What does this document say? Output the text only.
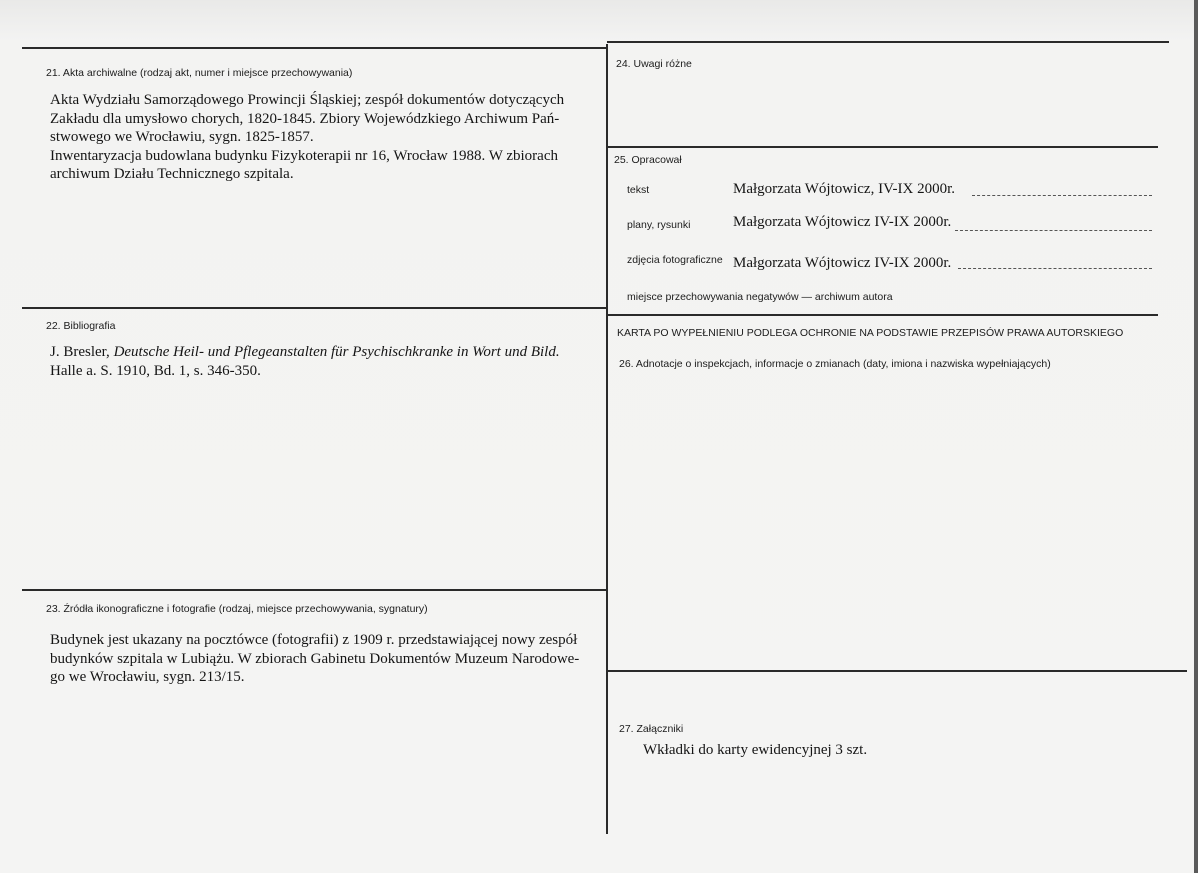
21. Akta archiwalne (rodzaj akt, numer i miejsce przechowywania)
Akta Wydziału Samorządowego Prowincji Śląskiej; zespół dokumentów dotyczących
Zakładu dla umysłowo chorych, 1820-1845. Zbiory Wojewódzkiego Archiwum Pań-
stwowego we Wrocławiu, sygn. 1825-1857.
Inwentaryzacja budowlana budynku Fizykoterapii nr 16, Wrocław 1988. W zbiorach
archiwum Działu Technicznego szpitala.
22. Bibliografia
J. Bresler, Deutsche Heil- und Pflegeanstalten für Psychischkranke in Wort und Bild.
Halle a. S. 1910, Bd. 1, s. 346-350.
23. Źródła ikonograficzne i fotografie (rodzaj, miejsce przechowywania, sygnatury)
Budynek jest ukazany na pocztówce (fotografii) z 1909 r. przedstawiającej nowy zespół
budynków szpitala w Lubiążu. W zbiorach Gabinetu Dokumentów Muzeum Narodowe-
go we Wrocławiu, sygn. 213/15.
24. Uwagi różne
25. Opracował
tekst	Małgorzata Wójtowicz, IV-IX 2000r.
plany, rysunki	Małgorzata Wójtowicz IV-IX 2000r.
zdjęcia fotograficzne Małgorzata Wójtowicz IV-IX 2000r.
miejsce przechowywania negatywów — archiwum autora
KARTA PO WYPEŁNIENIU PODLEGA OCHRONIE NA PODSTAWIE PRZEPISÓW PRAWA AUTORSKIEGO
26. Adnotacje o inspekcjach, informacje o zmianach (daty, imiona i nazwiska wypełniających)
27. Załączniki
Wkładki do karty ewidencyjnej 3 szt.
